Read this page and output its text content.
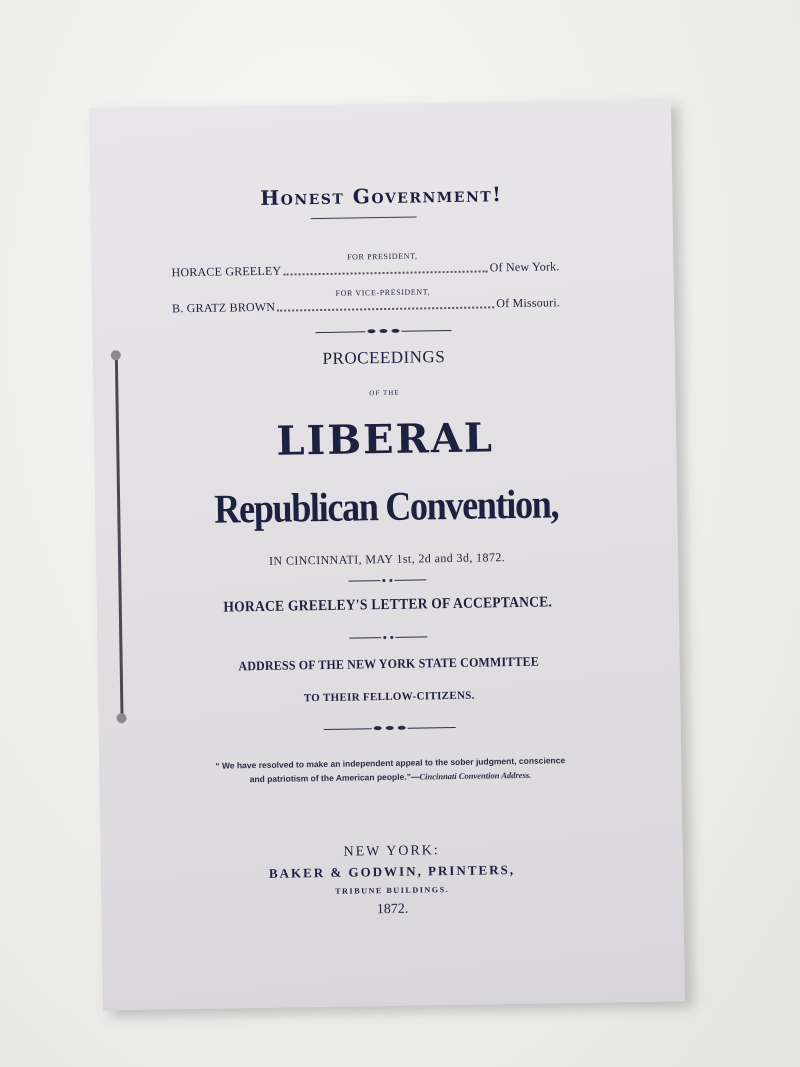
Honest Government!
FOR PRESIDENT,
HORACE GREELEY	Of New York.
FOR VICE-PRESIDENT,
B. GRATZ BROWN	Of Missouri.
PROCEEDINGS
OF THE
LIBERAL
Republican Convention,
IN CINCINNATI, MAY 1st, 2d and 3d, 1872.
HORACE GREELEY'S LETTER OF ACCEPTANCE.
ADDRESS OF THE NEW YORK STATE COMMITTEE
TO THEIR FELLOW-CITIZENS.
“ We have resolved to make an independent appeal to the sober judgment, conscience
and patriotism of the American people.”—Cincinnati Convention Address.
NEW YORK:
BAKER & GODWIN, PRINTERS,
TRIBUNE BUILDINGS.
1872.
